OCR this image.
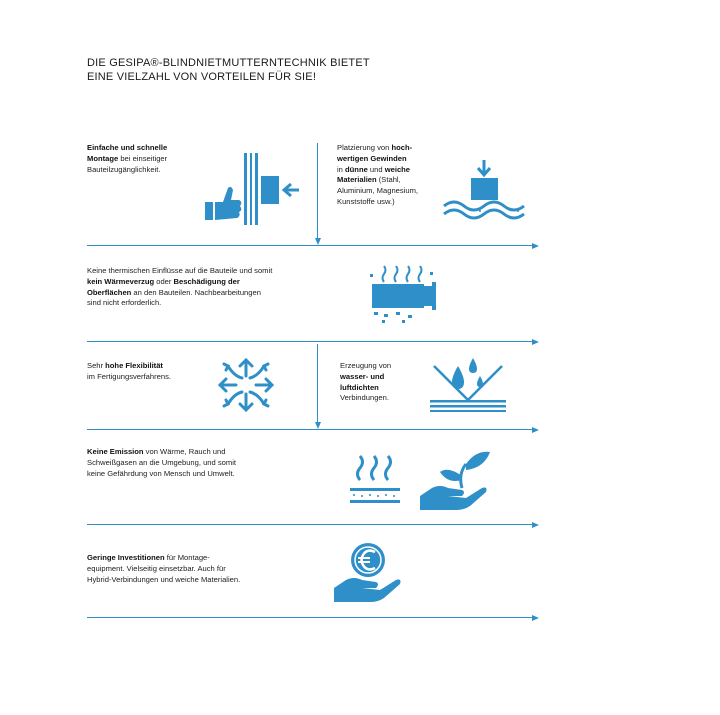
DIE GESIPA®-BLINDNIETMUTTERNTECHNIK BIETET
EINE VIELZAHL VON VORTEILEN FÜR SIE!
Einfache und schnelle
Montage bei einseitiger
Bauteilzugänglichkeit.
Platzierung von hoch-
wertigen Gewinden
in dünne und weiche
Materialien (Stahl,
Aluminium, Magnesium,
Kunststoffe usw.)
Keine thermischen Einflüsse auf die Bauteile und somit
kein Wärmeverzug oder Beschädigung der
Oberflächen an den Bauteilen. Nachbearbeitungen
sind nicht erforderlich.
Sehr hohe Flexibilität
im Fertigungsverfahrens.
Erzeugung von
wasser- und
luftdichten
Verbindungen.
Keine Emission von Wärme, Rauch und
Schweißgasen an die Umgebung, und somit
keine Gefährdung von Mensch und Umwelt.
Geringe Investitionen für Montage-
equipment. Vielseitig einsetzbar. Auch für
Hybrid-Verbindungen und weiche Materialien.
